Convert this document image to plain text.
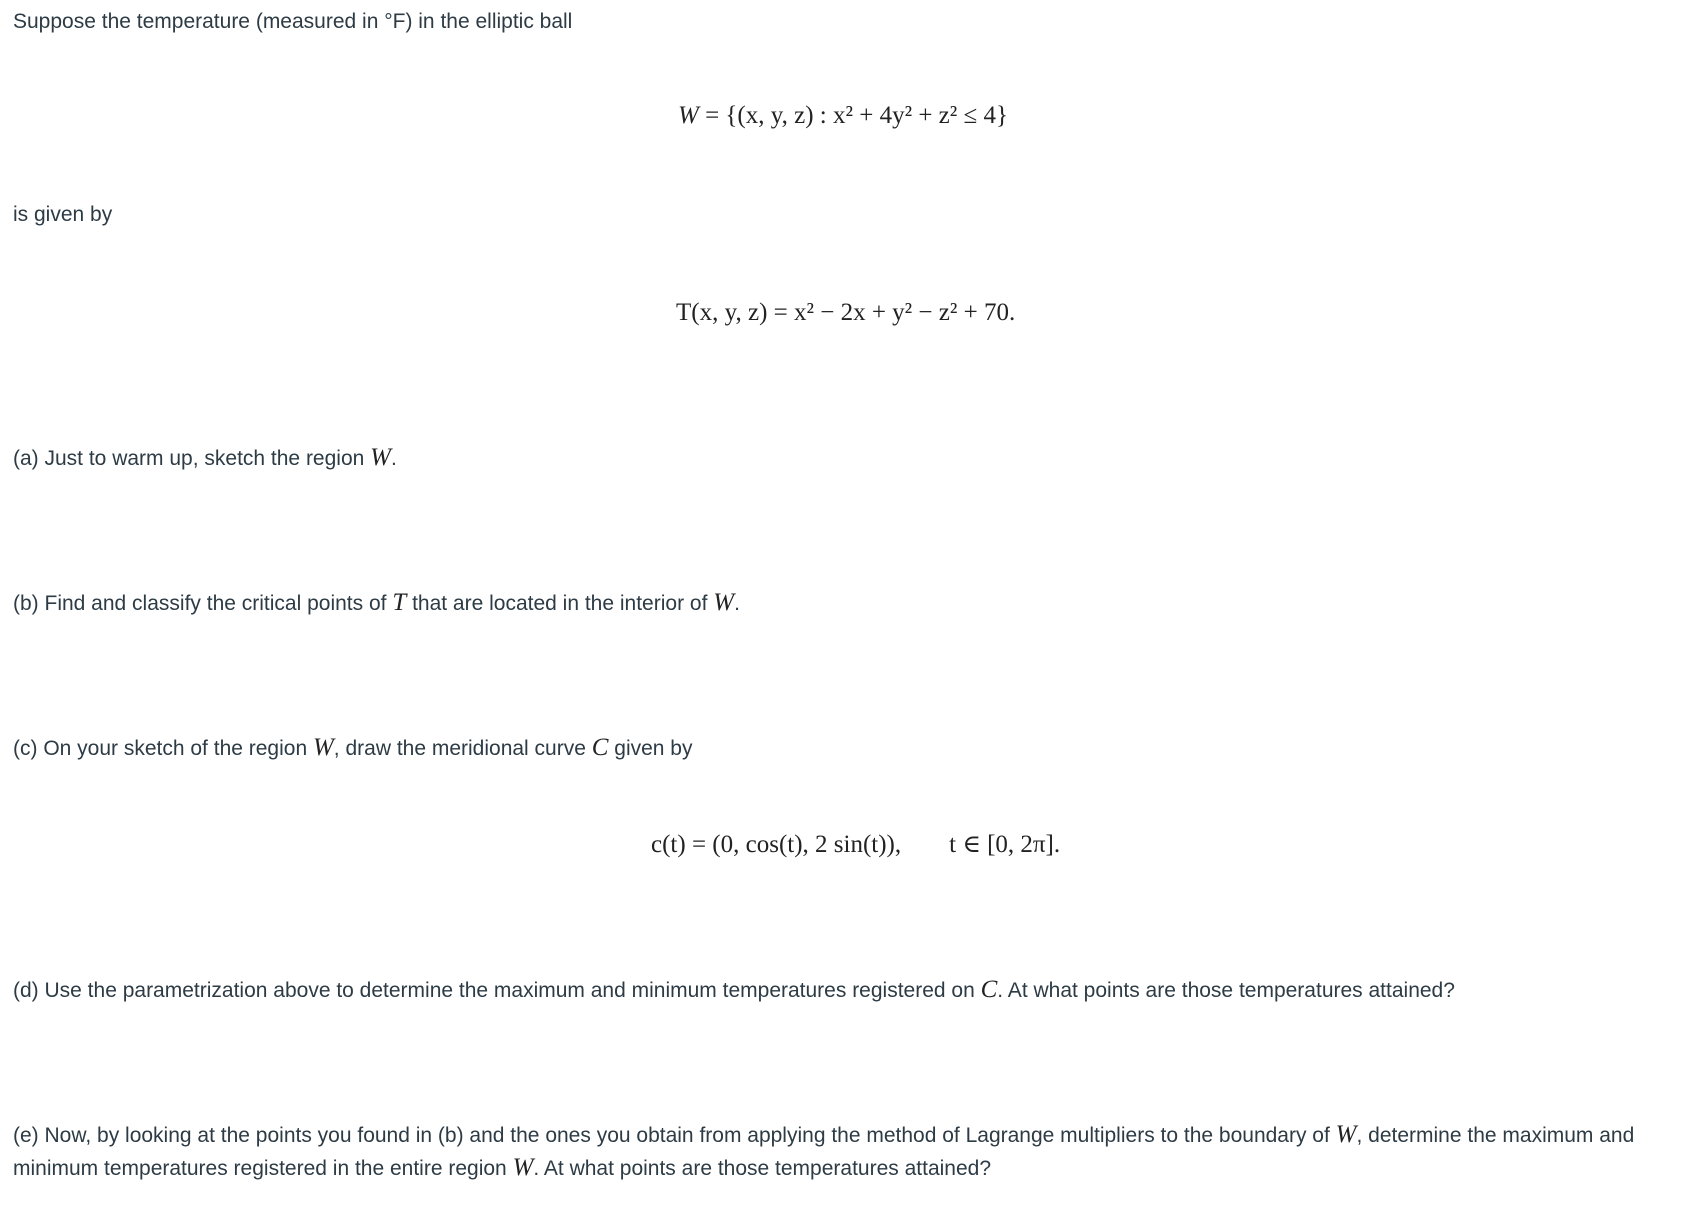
Suppose the temperature (measured in °F) in the elliptic ball
W = {(x, y, z) : x² + 4y² + z² ≤ 4}
is given by
T(x, y, z) = x² − 2x + y² − z² + 70.
(a) Just to warm up, sketch the region W.
(b) Find and classify the critical points of T that are located in the interior of W.
(c) On your sketch of the region W, draw the meridional curve C given by
c(t) = (0, cos(t), 2 sin(t)), t ∈ [0, 2π].
(d) Use the parametrization above to determine the maximum and minimum temperatures registered on C. At what points are those temperatures attained?
(e) Now, by looking at the points you found in (b) and the ones you obtain from applying the method of Lagrange multipliers to the boundary of W, determine the maximum and minimum temperatures registered in the entire region W. At what points are those temperatures attained?
